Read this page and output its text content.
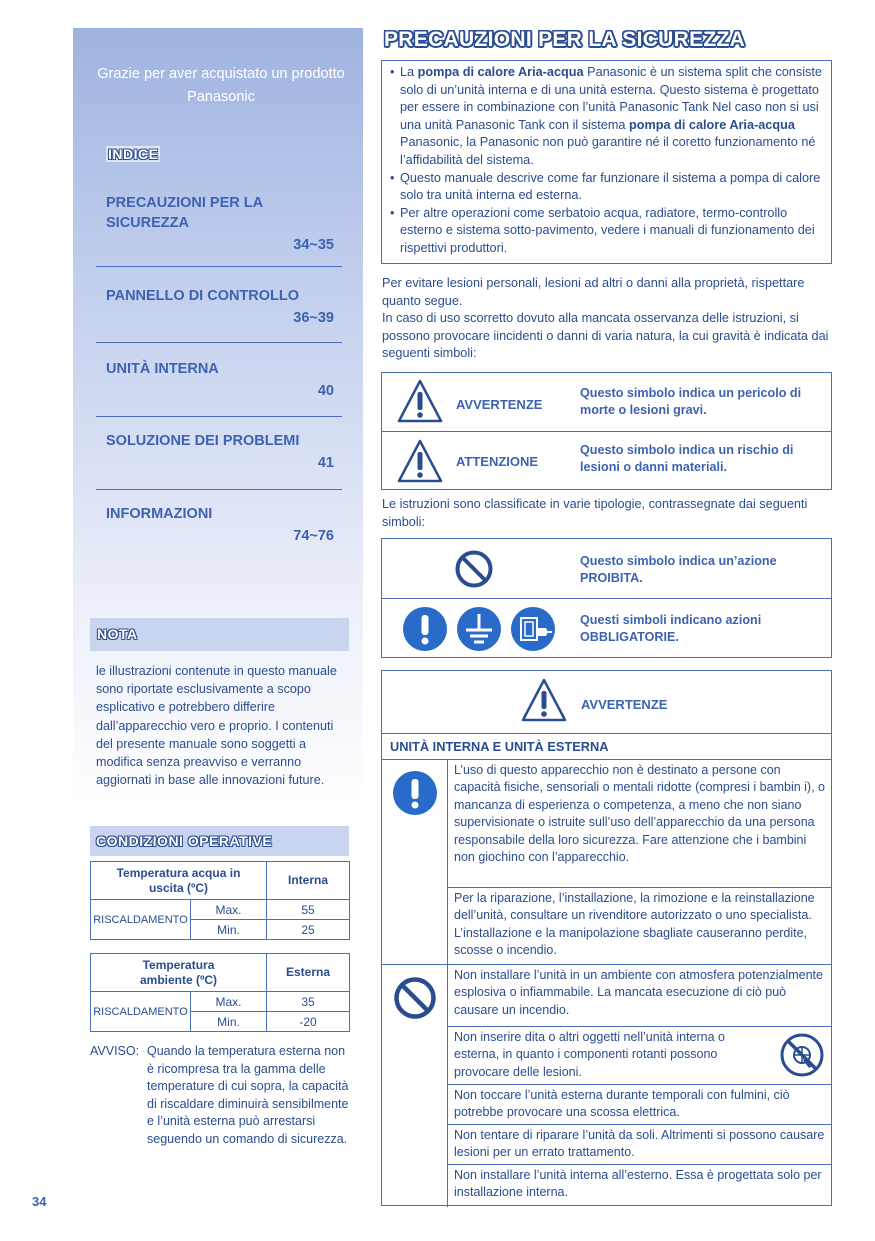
Grazie per aver acquistato un prodotto Panasonic
INDICE
PRECAUZIONI PER LA SICUREZZA
34~35
PANNELLO DI CONTROLLO
36~39
UNITÀ INTERNA
40
SOLUZIONE DEI PROBLEMI
41
INFORMAZIONI
74~76
NOTA
le illustrazioni contenute in questo manuale sono riportate esclusivamente a scopo esplicativo e potrebbero differire dall’apparecchio vero e proprio. I contenuti del presente manuale sono soggetti a modifica senza preavviso e verranno aggiornati in base alle innovazioni future.
CONDIZIONI OPERATIVE
Temperatura acqua in uscita (ºC)		Interna
RISCALDAMENTO	Max.	55
	Min.	25
Temperatura ambiente (ºC)		Esterna
RISCALDAMENTO	Max.	35
	Min.	-20
AVVISO: Quando la temperatura esterna non è ricompresa tra la gamma delle temperature di cui sopra, la capacità di riscaldare diminuirà sensibilmente e l’unità esterna può arrestarsi seguendo un comando di sicurezza.
34
PRECAUZIONI PER LA SICUREZZA
• La pompa di calore Aria-acqua Panasonic è un sistema split che consiste solo di un’unità interna e di una unità esterna. Questo sistema è progettato per essere in combinazione con l’unità Panasonic Tank Nel caso non si usi una unità Panasonic Tank con il sistema pompa di calore Aria-acqua Panasonic, la Panasonic non può garantire né il coretto funzionamento né l’affidabilità del sistema.
• Questo manuale descrive come far funzionare il sistema a pompa di calore solo tra unità interna ed esterna.
• Per altre operazioni come serbatoio acqua, radiatore, termo-controllo esterno e sistema sotto-pavimento, vedere i manuali di funzionamento dei rispettivi produttori.
Per evitare lesioni personali, lesioni ad altri o danni alla proprietà, rispettare quanto segue.
In caso di uso scorretto dovuto alla mancata osservanza delle istruzioni, si possono provocare iincidenti o danni di varia natura, la cui gravità è indicata dai seguenti simboli:
AVVERTENZE
Questo simbolo indica un pericolo di morte o lesioni gravi.
ATTENZIONE
Questo simbolo indica un rischio di lesioni o danni materiali.
Le istruzioni sono classificate in varie tipologie, contrassegnate dai seguenti simboli:
Questo simbolo indica un’azione PROIBITA.
Questi simboli indicano azioni OBBLIGATORIE.
AVVERTENZE
UNITÀ INTERNA E UNITÀ ESTERNA
L’uso di questo apparecchio non è destinato a persone con capacità fisiche, sensoriali o mentali ridotte (compresi i bambin i), o mancanza di esperienza o competenza, a meno che non siano supervisionate o istruite sull’uso dell’apparecchio da una persona responsabile della loro sicurezza. Fare attenzione che i bambini non giochino con l’apparecchio.
Per la riparazione, l’installazione, la rimozione e la reinstallazione dell’unità, consultare un rivenditore autorizzato o uno specialista. L’installazione e la manipolazione sbagliate causeranno perdite, scosse o incendio.
Non installare l’unità in un ambiente con atmosfera potenzialmente esplosiva o infiammabile. La mancata esecuzione di ciò può causare un incendio.
Non inserire dita o altri oggetti nell’unità interna o esterna, in quanto i componenti rotanti possono provocare delle lesioni.
Non toccare l’unità esterna durante temporali con fulmini, ciò potrebbe provocare una scossa elettrica.
Non tentare di riparare l’unità da soli. Altrimenti si possono causare lesioni per un errato trattamento.
Non installare l’unità interna all’esterno. Essa è progettata solo per installazione interna.
